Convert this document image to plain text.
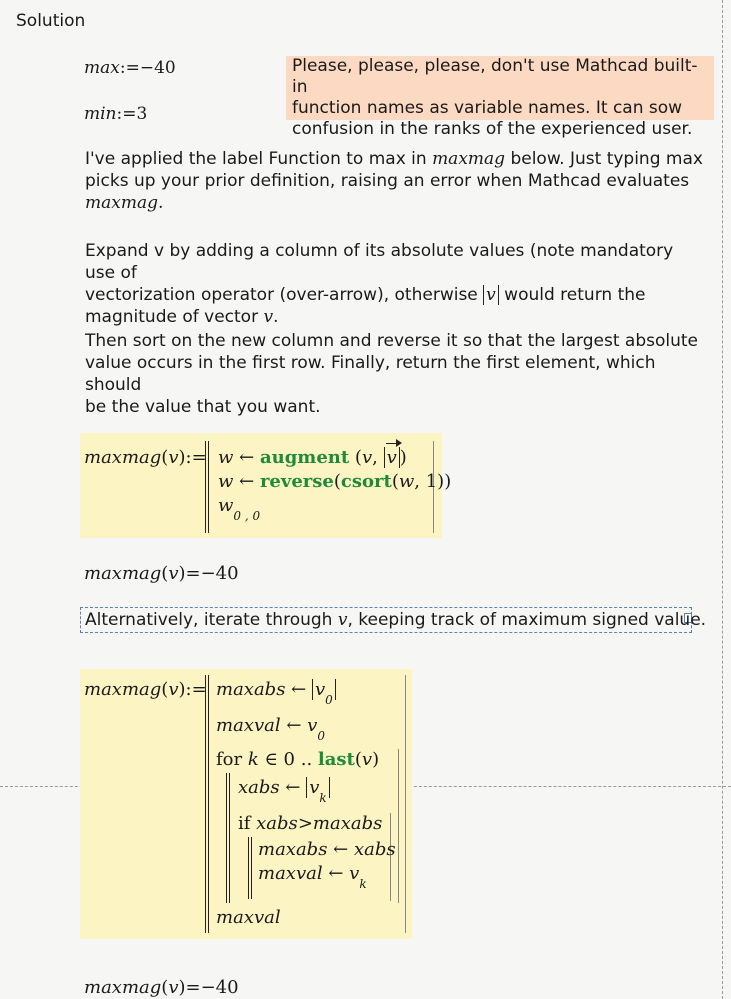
Solution
max:=−40
min:=3
Please, please, please, don't use Mathcad built-in
function names as variable names. It can sow
confusion in the ranks of the experienced user.
I've applied the label Function to max in maxmag below. Just typing max
picks up your prior definition, raising an error when Mathcad evaluates
maxmag.
Expand v by adding a column of its absolute values (note mandatory use of
vectorization operator (over-arrow), otherwise v would return the
magnitude of vector v.
Then sort on the new column and reverse it so that the largest absolute
value occurs in the first row. Finally, return the first element, which should
be the value that you want.
maxmag(v):= w ← augment (v, v )
w ← reverse(csort(w, 1))
$w_{0 , 0}$
maxmag(v)=−40
Alternatively, iterate through v, keeping track of maximum signed value.
maxmag(v):= maxabs ← $v_0$
maxval ← $v_0$
for k ∈ 0 .. last(v)
xabs ← $v_k$
if xabs>maxabs
maxabs ← xabs
maxval ← $v_k$
maxval
maxmag(v)=−40
